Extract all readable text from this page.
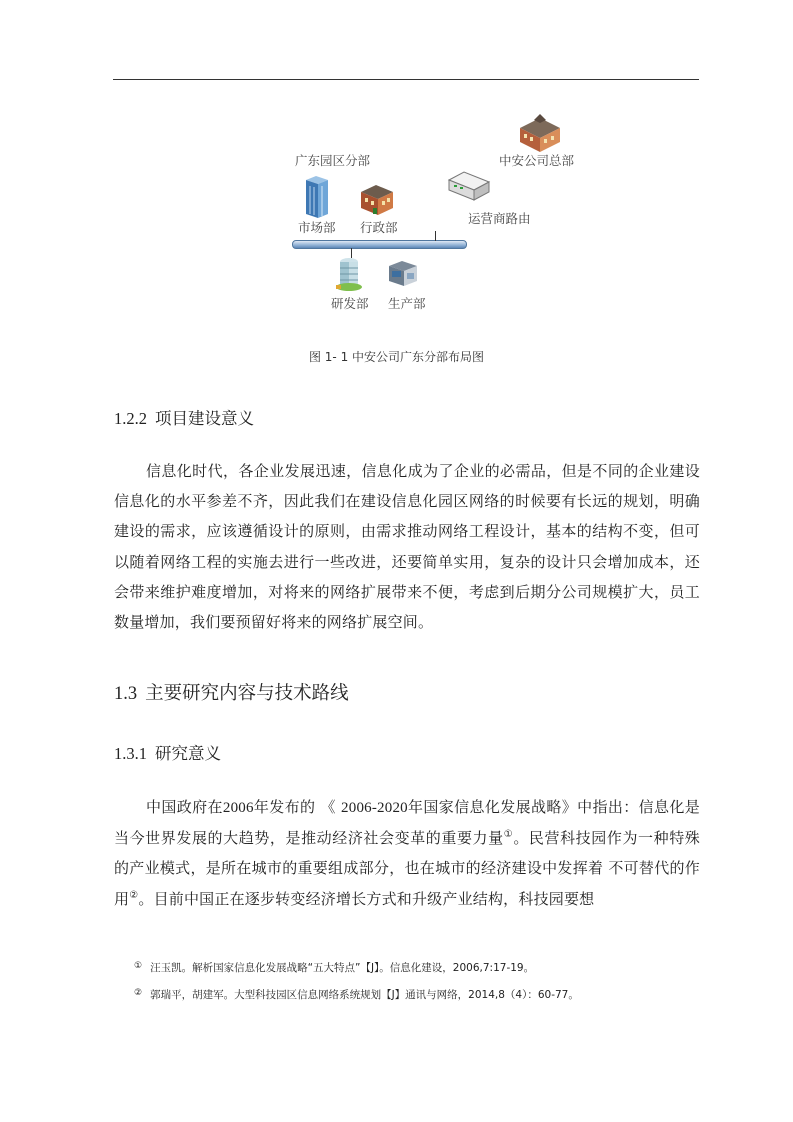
中安公司总部
广东园区分部
运营商路由
市场部 行政部
研发部 生产部
图 1- 1 中安公司广东分部布局图
1.2.2 项目建设意义

信息化时代，各企业发展迅速，信息化成为了企业的必需品，但是不同的企业建设信息化的水平参差不齐，因此我们在建设信息化园区网络的时候要有长远的规划，明确建设的需求，应该遵循设计的原则，由需求推动网络工程设计，基本的结构不变，但可以随着网络工程的实施去进行一些改进，还要简单实用，复杂的设计只会增加成本，还会带来维护难度增加，对将来的网络扩展带来不便，考虑到后期分公司规模扩大，员工数量增加，我们要预留好将来的网络扩展空间。

1.3 主要研究内容与技术路线
1.3.1 研究意义

中国政府在2006年发布的 《 2006-2020年国家信息化发展战略》中指出：信息化是当今世界发展的大趋势，是推动经济社会变革的重要力量①。民营科技园作为一种特殊的产业模式，是所在城市的重要组成部分，也在城市的经济建设中发挥着 不可替代的作用②。目前中国正在逐步转变经济增长方式和升级产业结构，科技园要想

① 汪玉凯。解析国家信息化发展战略“五大特点”【J】。信息化建设，2006,7:17-19。
② 郭瑞平，胡建军。大型科技园区信息网络系统规划【J】通讯与网络，2014,8（4）：60-77。
